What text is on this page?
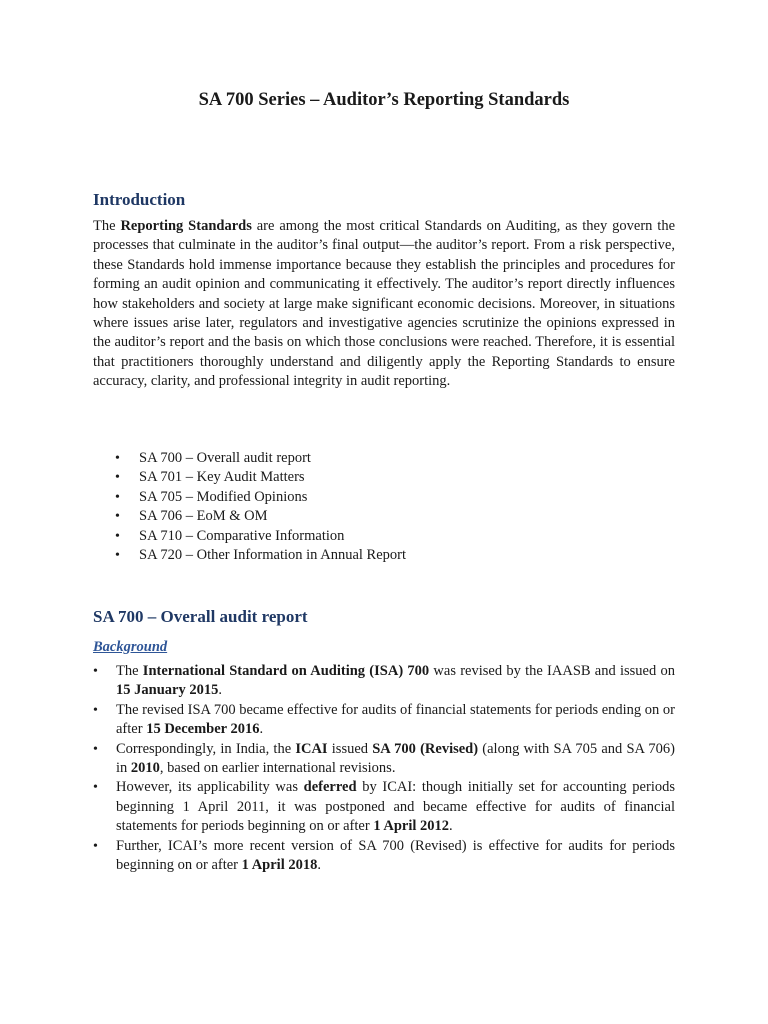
SA 700 Series – Auditor’s Reporting Standards
Introduction

The Reporting Standards are among the most critical Standards on Auditing, as they govern the processes that culminate in the auditor’s final output—the auditor’s report. From a risk perspective, these Standards hold immense importance because they establish the principles and procedures for forming an audit opinion and communicating it effectively. The auditor’s report directly influences how stakeholders and society at large make significant economic decisions. Moreover, in situations where issues arise later, regulators and investigative agencies scrutinize the opinions expressed in the auditor’s report and the basis on which those conclusions were reached. Therefore, it is essential that practitioners thoroughly understand and diligently apply the Reporting Standards to ensure accuracy, clarity, and professional integrity in audit reporting.

• SA 700 – Overall audit report
• SA 701 – Key Audit Matters
• SA 705 – Modified Opinions
• SA 706 – EoM & OM
• SA 710 – Comparative Information
• SA 720 – Other Information in Annual Report
SA 700 – Overall audit report

Background

• The International Standard on Auditing (ISA) 700 was revised by the IAASB and issued on 15 January 2015.
• The revised ISA 700 became effective for audits of financial statements for periods ending on or after 15 December 2016.
• Correspondingly, in India, the ICAI issued SA 700 (Revised) (along with SA 705 and SA 706) in 2010, based on earlier international revisions.
• However, its applicability was deferred by ICAI: though initially set for accounting periods beginning 1 April 2011, it was postponed and became effective for audits of financial statements for periods beginning on or after 1 April 2012.
• Further, ICAI’s more recent version of SA 700 (Revised) is effective for audits for periods beginning on or after 1 April 2018.
